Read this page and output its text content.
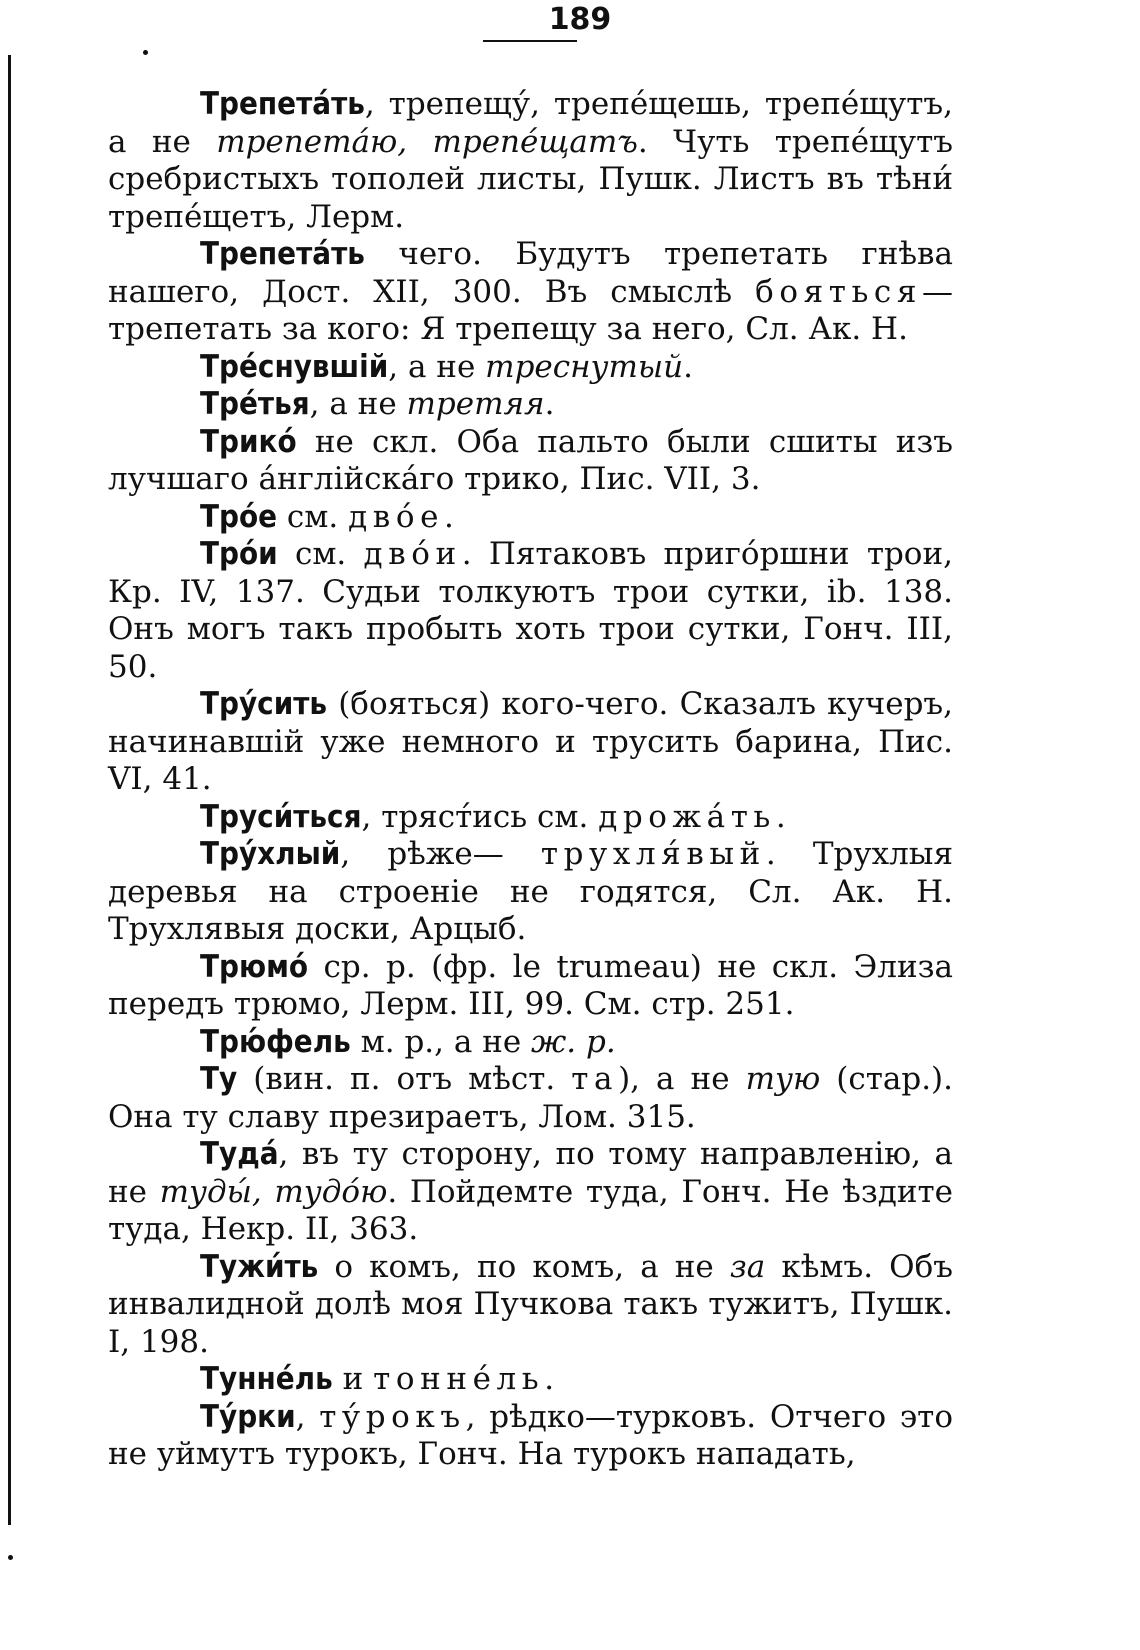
189
Трепета́ть, трепещу́, трепе́щешь, трепе́щутъ, а не трепета́ю, трепе́щатъ. Чуть трепе́щутъ сребристыхъ тополей листы, Пушк. Листъ въ тѣни́ трепе́щетъ, Лерм.
Трепета́ть чего. Будутъ трепетать гнѣва нашего, Дост. XII, 300. Въ смыслѣ бояться— трепетать за кого: Я трепещу за него, Сл. Ак. Н.
Тре́снувшій, а не треснутый.
Тре́тья, а не третяя.
Трико́ не скл. Оба пальто были сшиты изъ лучшаго а́нглійска́го трико, Пис. VII, 3.
Тро́е см. дво́е.
Тро́и см. дво́и. Пятаковъ приго́ршни трои, Кр. IV, 137. Судьи толкуютъ трои сутки, ib. 138. Онъ могъ такъ пробыть хоть трои сутки, Гонч. III, 50.
Тру́сить (бояться) кого-чего. Сказалъ кучеръ, начинавшій уже немного и трусить барина, Пис. VI, 41.
Труси́ться, тряст́ись см. дрожа́ть.
Тру́хлый, рѣже— трухля́вый. Трухлыя деревья на строеніе не годятся, Сл. Ак. Н. Трухлявыя доски, Арцыб.
Трюмо́ ср. р. (фр. le trumeau) не скл. Элиза передъ трюмо, Лерм. III, 99. См. стр. 251.
Трю́фель м. р., а не ж. р.
Ту (вин. п. отъ мѣст. та), а не тую (стар.). Она ту славу презираетъ, Лом. 315.
Туда́, въ ту сторону, по тому направленію, а не туды́, тудо́ю. Пойдемте туда, Гонч. Не ѣздите туда, Некр. II, 363.
Тужи́ть о комъ, по комъ, а не за кѣмъ. Объ инвалидной долѣ моя Пучкова такъ тужитъ, Пушк. I, 198.
Тунне́ль и тонне́ль.
Ту́рки, ту́рокъ, рѣдко—турковъ. Отчего это не уймутъ турокъ, Гонч. На турокъ нападать,
